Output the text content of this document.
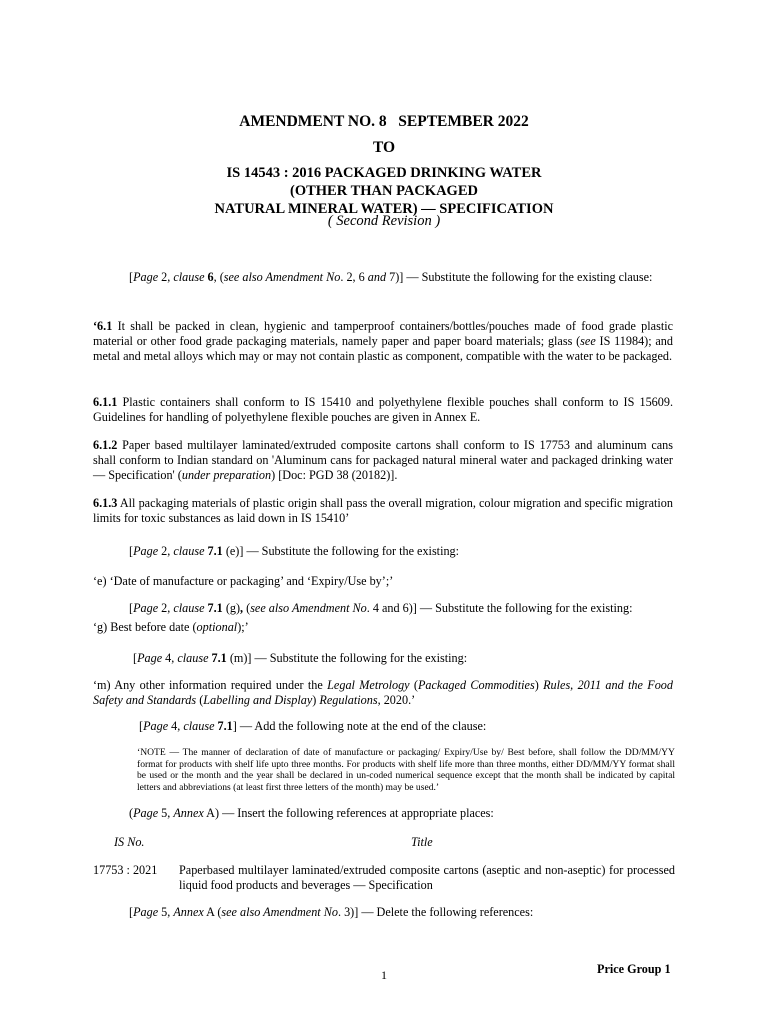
AMENDMENT NO. 8   SEPTEMBER 2022
TO
IS 14543 : 2016 PACKAGED DRINKING WATER
(OTHER THAN PACKAGED
NATURAL MINERAL WATER) — SPECIFICATION
( Second Revision )
[Page 2, clause 6, (see also Amendment No. 2, 6 and 7)] — Substitute the following for the existing clause:
‘6.1 It shall be packed in clean, hygienic and tamperproof containers/bottles/pouches made of food grade plastic material or other food grade packaging materials, namely paper and paper board materials; glass (see IS 11984); and metal and metal alloys which may or may not contain plastic as component, compatible with the water to be packaged.
6.1.1 Plastic containers shall conform to IS 15410 and polyethylene flexible pouches shall conform to IS 15609. Guidelines for handling of polyethylene flexible pouches are given in Annex E.
6.1.2 Paper based multilayer laminated/extruded composite cartons shall conform to IS 17753 and aluminum cans shall conform to Indian standard on 'Aluminum cans for packaged natural mineral water and packaged drinking water — Specification' (under preparation) [Doc: PGD 38 (20182)].
6.1.3 All packaging materials of plastic origin shall pass the overall migration, colour migration and specific migration limits for toxic substances as laid down in IS 15410’
[Page 2, clause 7.1 (e)] — Substitute the following for the existing:
‘e) ‘Date of manufacture or packaging’ and ‘Expiry/Use by’;’
[Page 2, clause 7.1 (g), (see also Amendment No. 4 and 6)] — Substitute the following for the existing:
‘g) Best before date (optional);’
[Page 4, clause 7.1 (m)] — Substitute the following for the existing:
‘m) Any other information required under the Legal Metrology (Packaged Commodities) Rules, 2011 and the Food Safety and Standards (Labelling and Display) Regulations, 2020.’
[Page 4, clause 7.1] — Add the following note at the end of the clause:
‘NOTE — The manner of declaration of date of manufacture or packaging/ Expiry/Use by/ Best before, shall follow the DD/MM/YY format for products with shelf life upto three months. For products with shelf life more than three months, either DD/MM/YY format shall be used or the month and the year shall be declared in un-coded numerical sequence except that the month shall be indicated by capital letters and abbreviations (at least first three letters of the month) may be used.’
(Page 5, Annex A) — Insert the following references at appropriate places:
IS No.	Title
17753 : 2021	Paperbased multilayer laminated/extruded composite cartons (aseptic and non-aseptic) for processed liquid food products and beverages — Specification
[Page 5, Annex A (see also Amendment No. 3)] — Delete the following references:
1	Price Group 1
